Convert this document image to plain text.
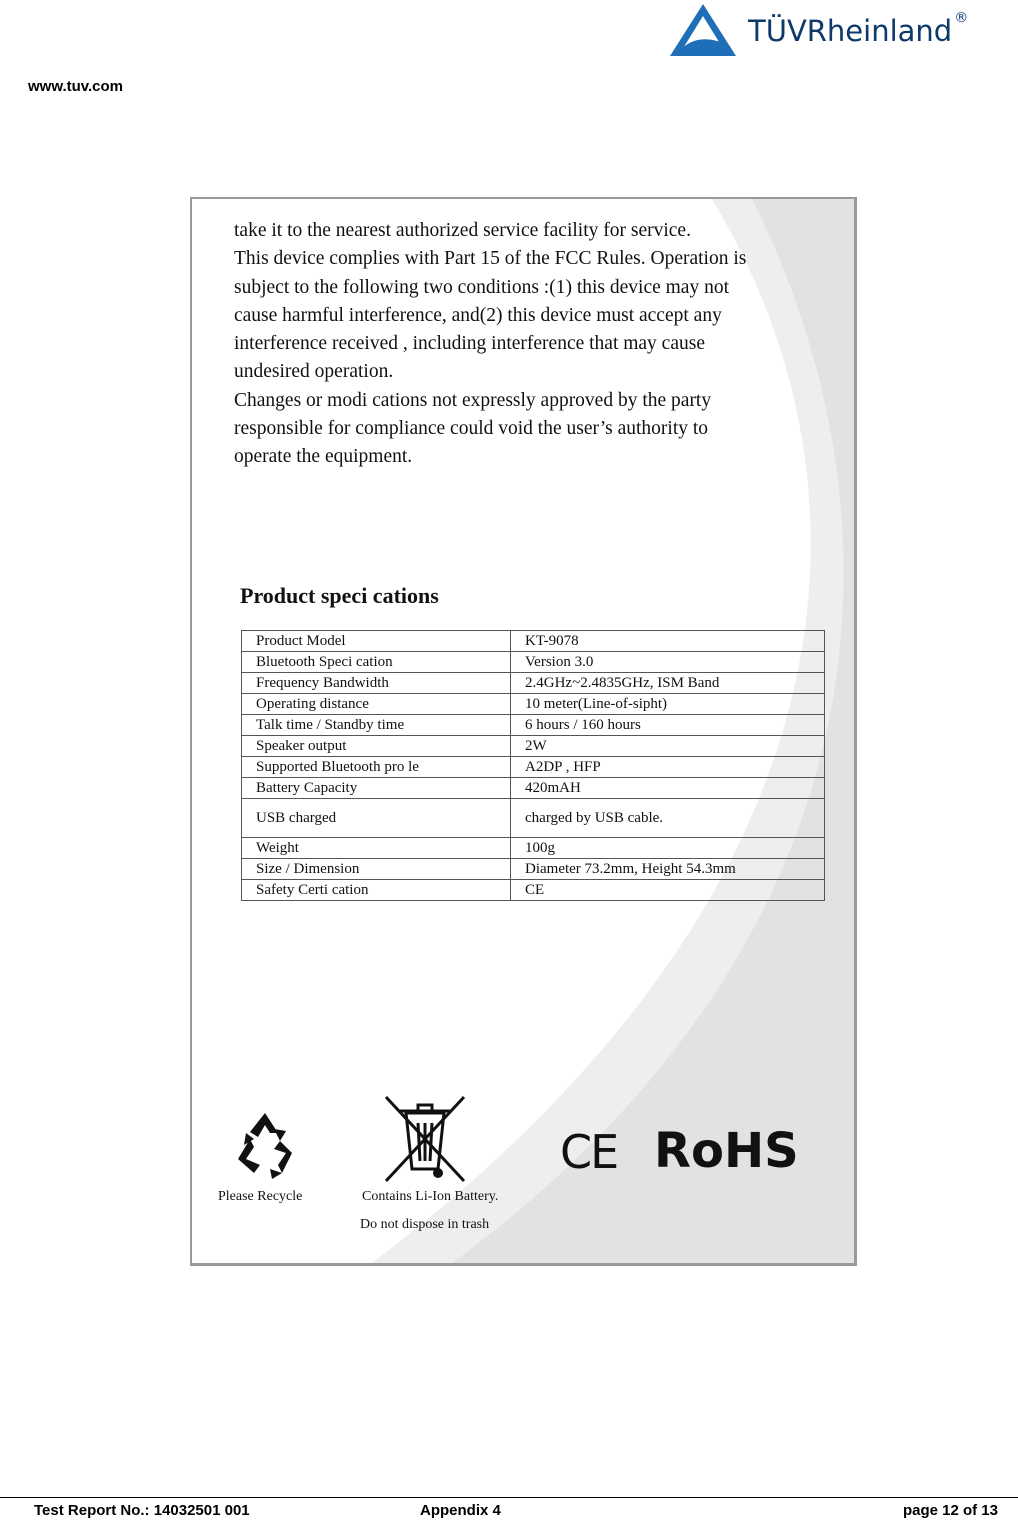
www.tuv.com
TÜVRheinland ®
take it to the nearest authorized service facility for service.
This device complies with Part 15 of the FCC Rules. Operation is
subject to the following two conditions :(1) this device may not
cause harmful interference, and(2) this device must accept any
interference received , including interference that may cause
undesired operation.
Changes or modi cations not expressly approved by the party
responsible for compliance could void the user’s authority to
operate the equipment.
Product speci cations
Product Model	KT-9078
Bluetooth Speci cation	Version 3.0
Frequency Bandwidth	2.4GHz~2.4835GHz, ISM Band
Operating distance	10 meter(Line-of-sipht)
Talk time / Standby time	6 hours / 160 hours
Speaker output	2W
Supported Bluetooth pro le	A2DP , HFP
Battery Capacity	420mAH
USB charged	charged by USB cable.
Weight	100g
Size / Dimension	Diameter 73.2mm, Height 54.3mm
Safety Certi cation	CE
Please Recycle	Contains Li-Ion Battery.
Do not dispose in trash
CE RoHS
Test Report No.: 14032501 001	Appendix 4	page 12 of 13
